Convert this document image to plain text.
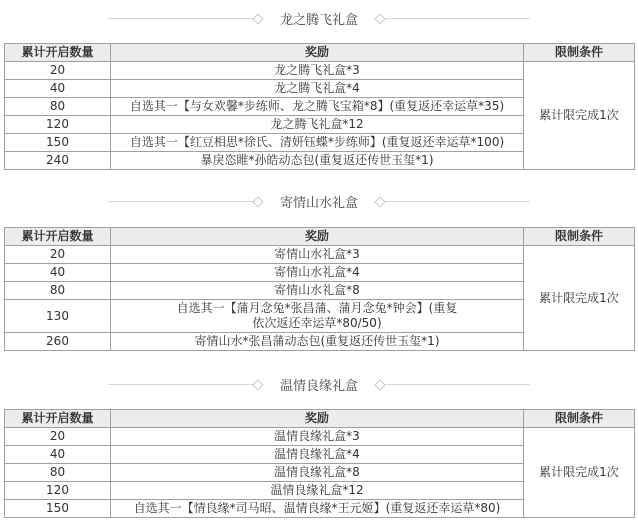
龙之腾飞礼盒
累计开启数量	奖励	限制条件
20	龙之腾飞礼盒*3	累计限完成1次
40	龙之腾飞礼盒*4	
80	自选其一【与女欢馨*步练师、龙之腾飞宝箱*8】(重复返还幸运草*35)	
120	龙之腾飞礼盒*12	
150	自选其一【红豆相思*徐氏、清妍钰蝶*步练师】(重复返还幸运草*100)	
240	暴戾恣睢*孙皓动态包(重复返还传世玉玺*1)	
寄情山水礼盒
累计开启数量	奖励	限制条件
20	寄情山水礼盒*3	累计限完成1次
40	寄情山水礼盒*4	
80	寄情山水礼盒*8	
130	自选其一【蒲月念兔*张昌蒲、蒲月念兔*钟会】(重复依次返还幸运草*80/50)	
260	寄情山水*张昌蒲动态包(重复返还传世玉玺*1)	
温情良缘礼盒
累计开启数量	奖励	限制条件
20	温情良缘礼盒*3	累计限完成1次
40	温情良缘礼盒*4	
80	温情良缘礼盒*8	
120	温情良缘礼盒*12	
150	自选其一【情良缘*司马昭、温情良缘*王元姬】(重复返还幸运草*80)	
